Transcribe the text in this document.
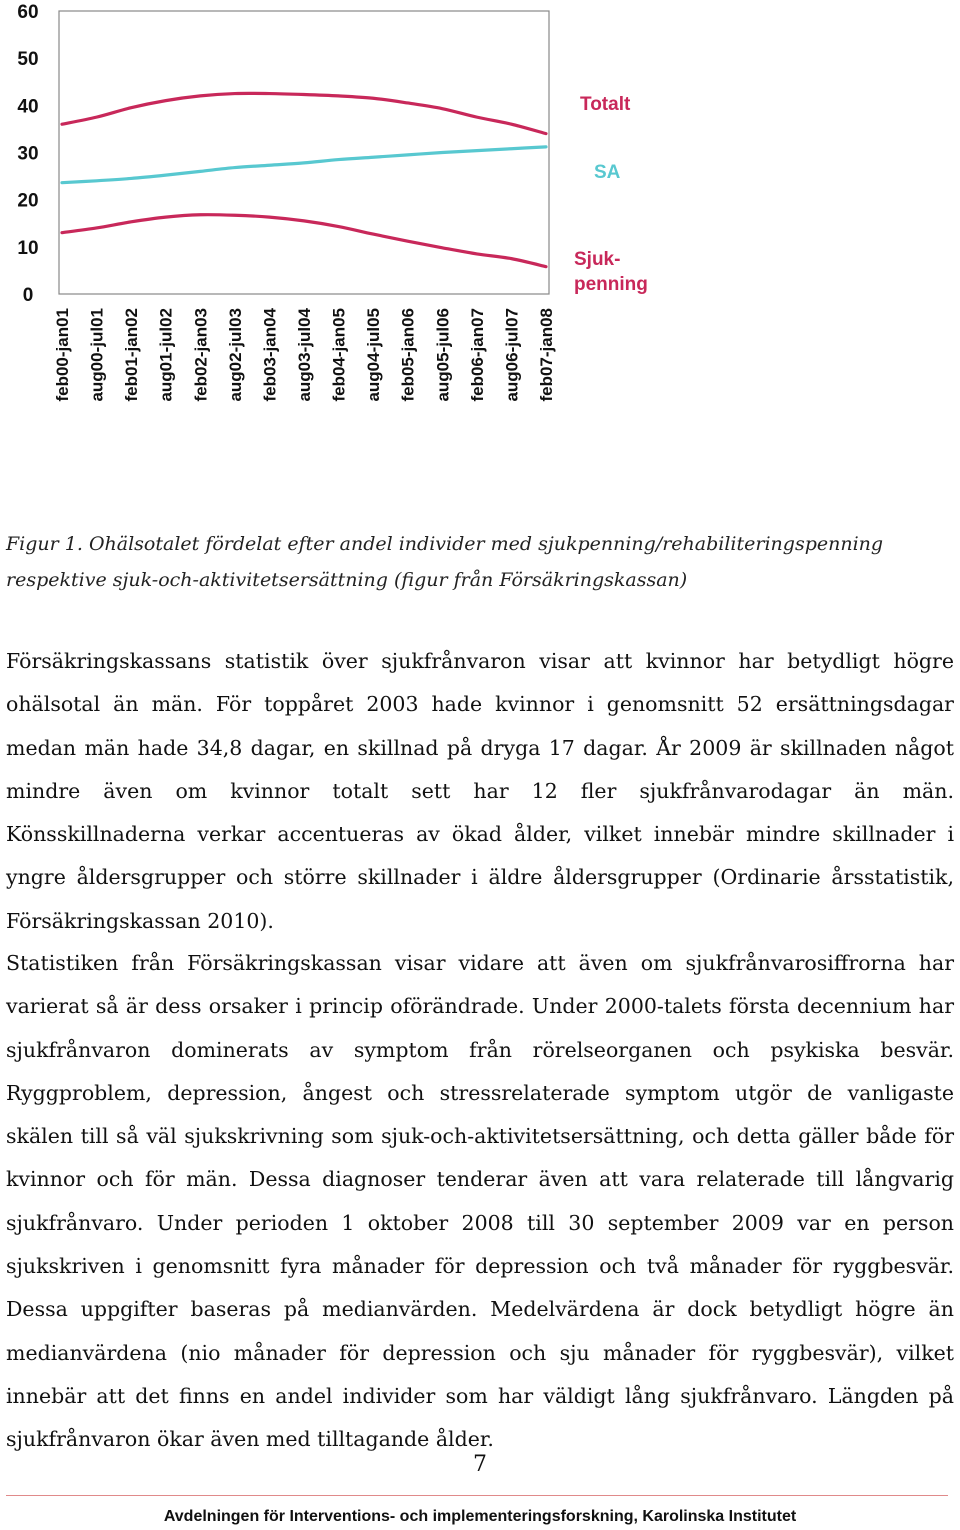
0
10
20
30
40
50
60
feb00-jan01 aug00-jul01 feb01-jan02 aug01-jul02 feb02-jan03 aug02-jul03 feb03-jan04 aug03-jul04 feb04-jan05 aug04-jul05 feb05-jan06 aug05-jul06 feb06-jan07 aug06-jul07 feb07-jan08
Totalt
SA
Sjuk-
penning
Figur 1. Ohälsotalet fördelat efter andel individer med sjukpenning/rehabiliteringspenning respektive sjuk-och-aktivitetsersättning (figur från Försäkringskassan)

Försäkringskassans statistik över sjukfrånvaron visar att kvinnor har betydligt högre ohälsotal än män. För toppåret 2003 hade kvinnor i genomsnitt 52 ersättningsdagar medan män hade 34,8 dagar, en skillnad på dryga 17 dagar. År 2009 är skillnaden något mindre även om kvinnor totalt sett har 12 fler sjukfrånvarodagar än män. Könsskillnaderna verkar accentueras av ökad ålder, vilket innebär mindre skillnader i yngre åldersgrupper och större skillnader i äldre åldersgrupper (Ordinarie årsstatistik, Försäkringskassan 2010).

Statistiken från Försäkringskassan visar vidare att även om sjukfrånvarosiffrorna har varierat så är dess orsaker i princip oförändrade. Under 2000-talets första decennium har sjukfrånvaron dominerats av symptom från rörelseorganen och psykiska besvär. Ryggproblem, depression, ångest och stressrelaterade symptom utgör de vanligaste skälen till så väl sjukskrivning som sjuk-och-aktivitetsersättning, och detta gäller både för kvinnor och för män. Dessa diagnoser tenderar även att vara relaterade till långvarig sjukfrånvaro. Under perioden 1 oktober 2008 till 30 september 2009 var en person sjukskriven i genomsnitt fyra månader för depression och två månader för ryggbesvär. Dessa uppgifter baseras på medianvärden. Medelvärdena är dock betydligt högre än medianvärdena (nio månader för depression och sju månader för ryggbesvär), vilket innebär att det finns en andel individer som har väldigt lång sjukfrånvaro. Längden på sjukfrånvaron ökar även med tilltagande ålder.

7
Avdelningen för Interventions- och implementeringsforskning, Karolinska Institutet
